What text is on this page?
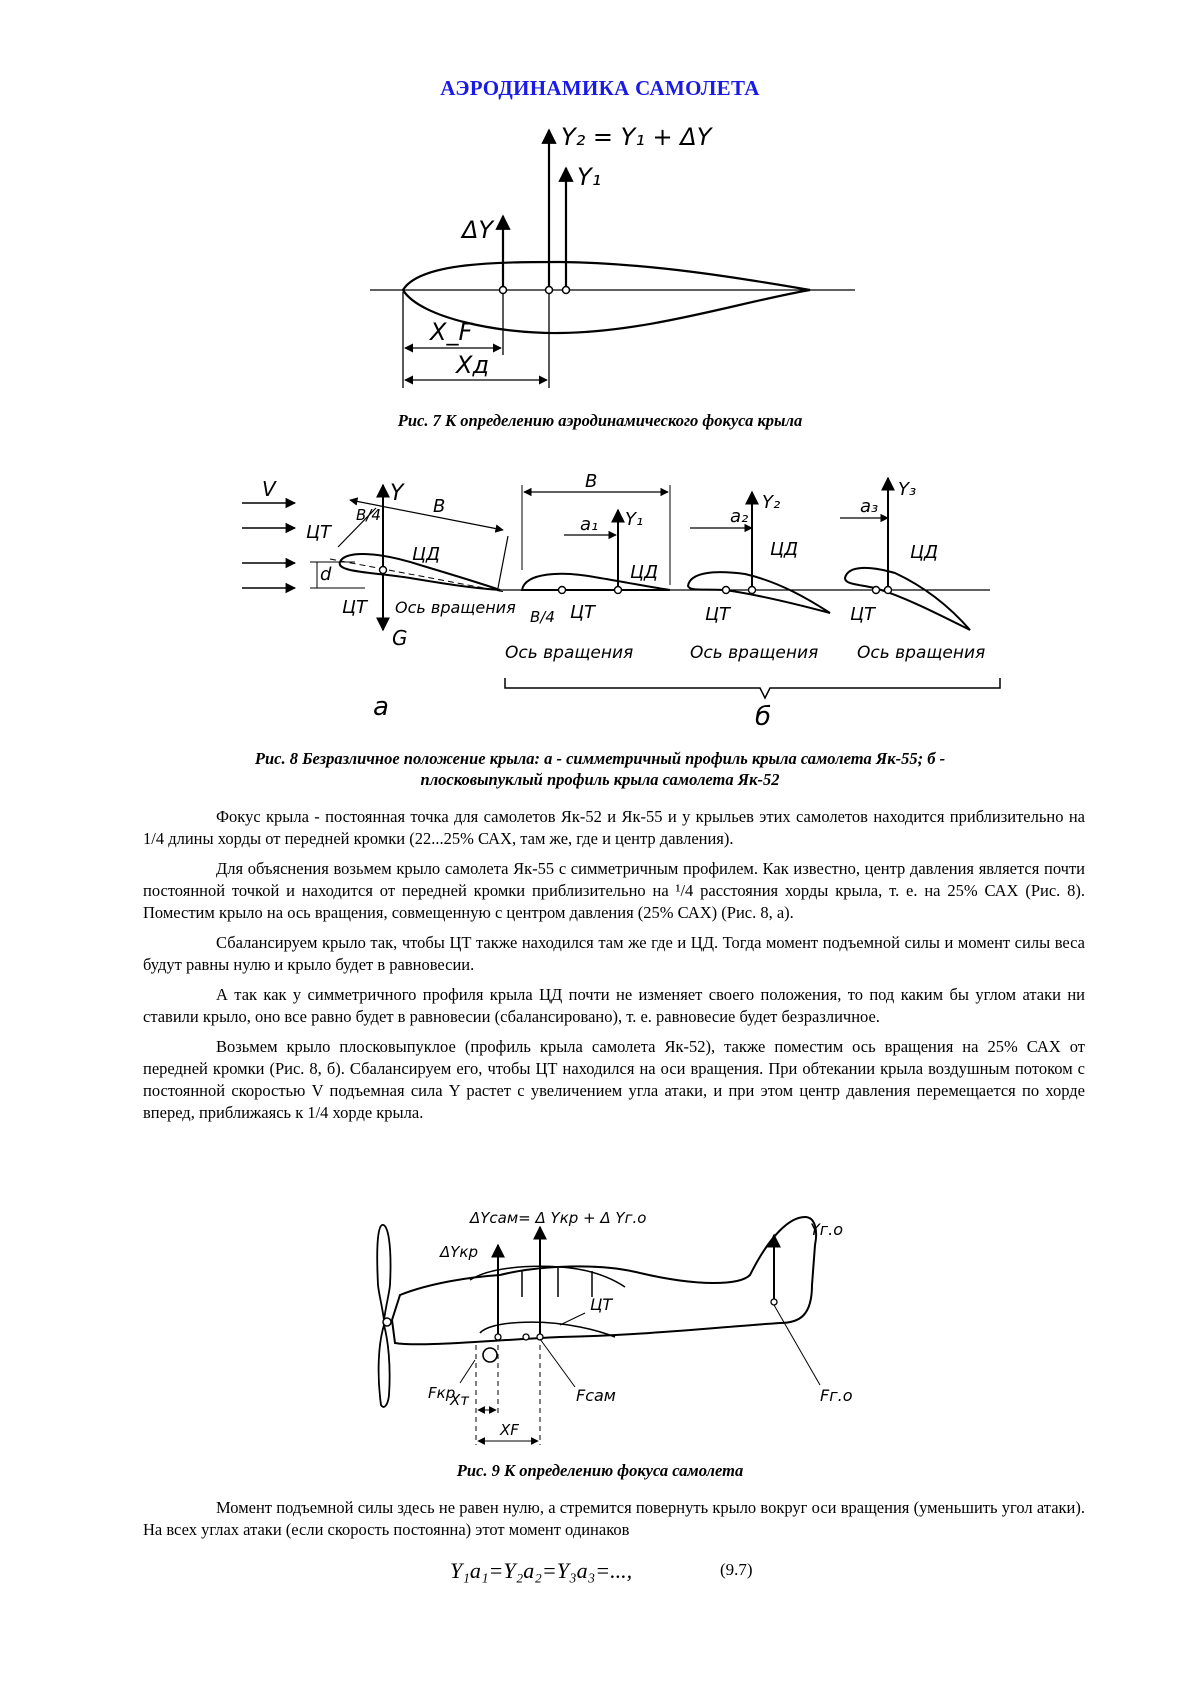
АЭРОДИНАМИКА САМОЛЕТА
Y₂ = Y₁ + ΔY
Y₁
ΔY
X_F
Xд
Рис. 7 К определению аэродинамического фокуса крыла
V	Y
B
B/4
ЦТ
ЦД
d
ЦТ Ось вращения
G
а
B
a₁ Y₁
ЦД
ЦТ
B/4
Ось вращения
a₂
Y₂
ЦД
ЦТ
Ось вращения
a₃
Y₃
ЦД
ЦТ
Ось вращения
б
Рис. 8 Безразличное положение крыла: а - симметричный профиль крыла самолета Як-55; б -
плосковыпуклый профиль крыла самолета Як-52

Фокус крыла - постоянная точка для самолетов Як-52 и Як-55 и у крыльев этих самолетов находится приблизительно на 1/4 длины хорды от передней кромки (22...25% САХ, там же, где и центр давления).

Для объяснения возьмем крыло самолета Як-55 с симметричным профилем. Как известно, центр давления является почти постоянной точкой и находится от передней кромки приблизительно на ¹/4 расстояния хорды крыла, т. е. на 25% САХ (Рис. 8). Поместим крыло на ось вращения, совмещенную с центром давления (25% САХ) (Рис. 8, а).

Сбалансируем крыло так, чтобы ЦТ также находился там же где и ЦД. Тогда момент подъемной силы и момент силы веса будут равны нулю и крыло будет в равновесии.

А так как у симметричного профиля крыла ЦД почти не изменяет своего положения, то под каким бы углом атаки ни ставили крыло, оно все равно будет в равновесии (сбалансировано), т. е. равновесие будет безразличное.

Возьмем крыло плосковыпуклое (профиль крыла самолета Як-52), также поместим ось вращения на 25% САХ от передней кромки (Рис. 8, б). Сбалансируем его, чтобы ЦТ находился на оси вращения. При обтекании крыла воздушным потоком с постоянной скоростью V подъемная сила Y растет с увеличением угла атаки, и при этом центр давления перемещается по хорде вперед, приближаясь к 1/4 хорде крыла.

ΔYсам= Δ Yкр + Δ Yг.о
ΔYкр
Yг.о
ЦТ
Fкр	Fсам	Fг.о
Xт
XF
Рис. 9 К определению фокуса самолета

Момент подъемной силы здесь не равен нулю, а стремится повернуть крыло вокруг оси вращения (уменьшить угол атаки). На всех углах атаки (если скорость постоянна) этот момент одинаков

Y₁a₁=Y₂a₂=Y₃a₃=...,	(9.7)
